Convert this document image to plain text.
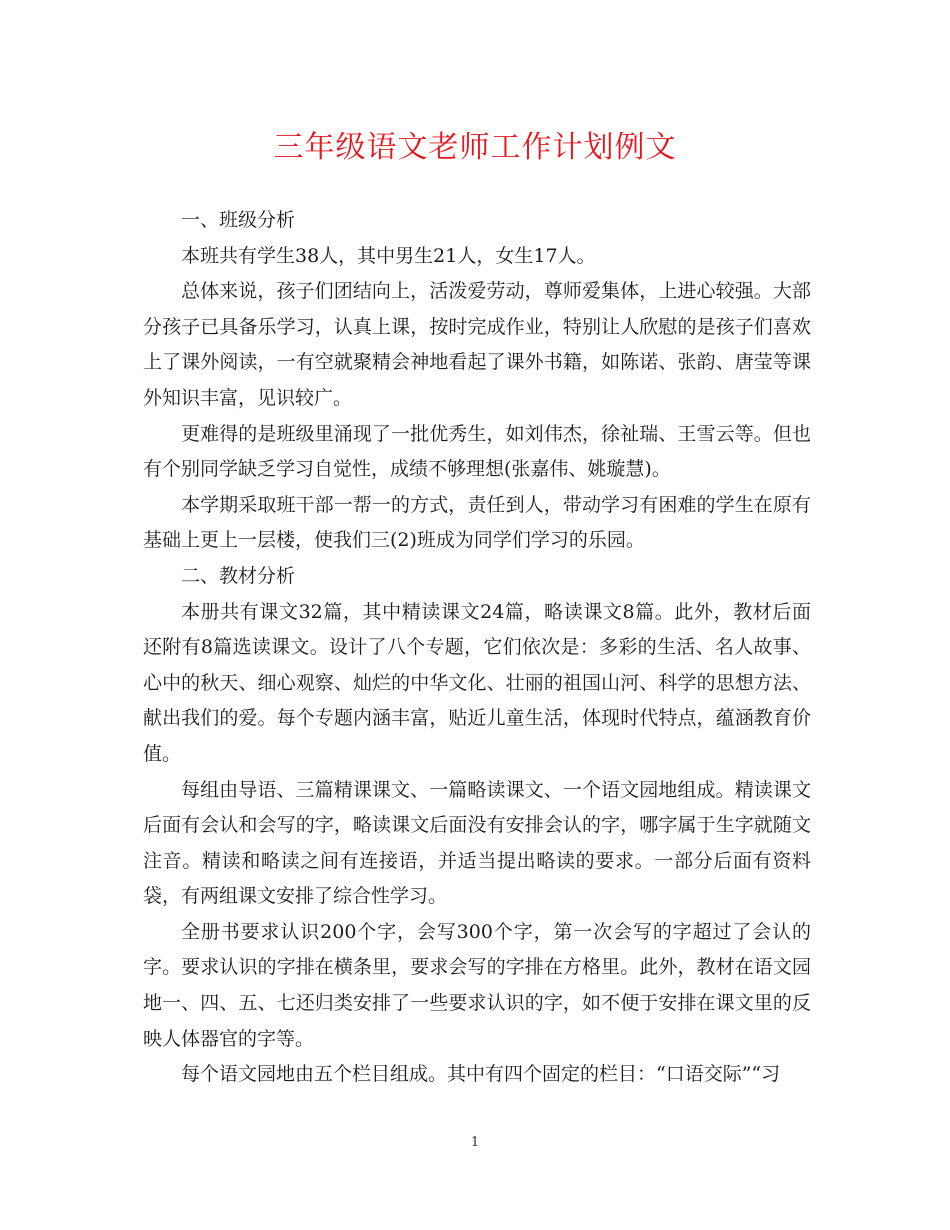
三年级语文老师工作计划例文

一、班级分析

本班共有学生38人，其中男生21人，女生17人。

总体来说，孩子们团结向上，活泼爱劳动，尊师爱集体，上进心较强。大部分孩子已具备乐学习，认真上课，按时完成作业，特别让人欣慰的是孩子们喜欢上了课外阅读，一有空就聚精会神地看起了课外书籍，如陈诺、张韵、唐莹等课外知识丰富，见识较广。

更难得的是班级里涌现了一批优秀生，如刘伟杰，徐祉瑞、王雪云等。但也有个别同学缺乏学习自觉性，成绩不够理想(张嘉伟、姚璇慧)。

本学期采取班干部一帮一的方式，责任到人，带动学习有困难的学生在原有基础上更上一层楼，使我们三(2)班成为同学们学习的乐园。

二、教材分析

本册共有课文32篇，其中精读课文24篇，略读课文8篇。此外，教材后面还附有8篇选读课文。设计了八个专题，它们依次是：多彩的生活、名人故事、心中的秋天、细心观察、灿烂的中华文化、壮丽的祖国山河、科学的思想方法、献出我们的爱。每个专题内涵丰富，贴近儿童生活，体现时代特点，蕴涵教育价值。

每组由导语、三篇精课课文、一篇略读课文、一个语文园地组成。精读课文后面有会认和会写的字，略读课文后面没有安排会认的字，哪字属于生字就随文注音。精读和略读之间有连接语，并适当提出略读的要求。一部分后面有资料袋，有两组课文安排了综合性学习。

全册书要求认识200个字，会写300个字，第一次会写的字超过了会认的字。要求认识的字排在横条里，要求会写的字排在方格里。此外，教材在语文园地一、四、五、七还归类安排了一些要求认识的字，如不便于安排在课文里的反映人体器官的字等。

每个语文园地由五个栏目组成。其中有四个固定的栏目：“口语交际”“习

1
